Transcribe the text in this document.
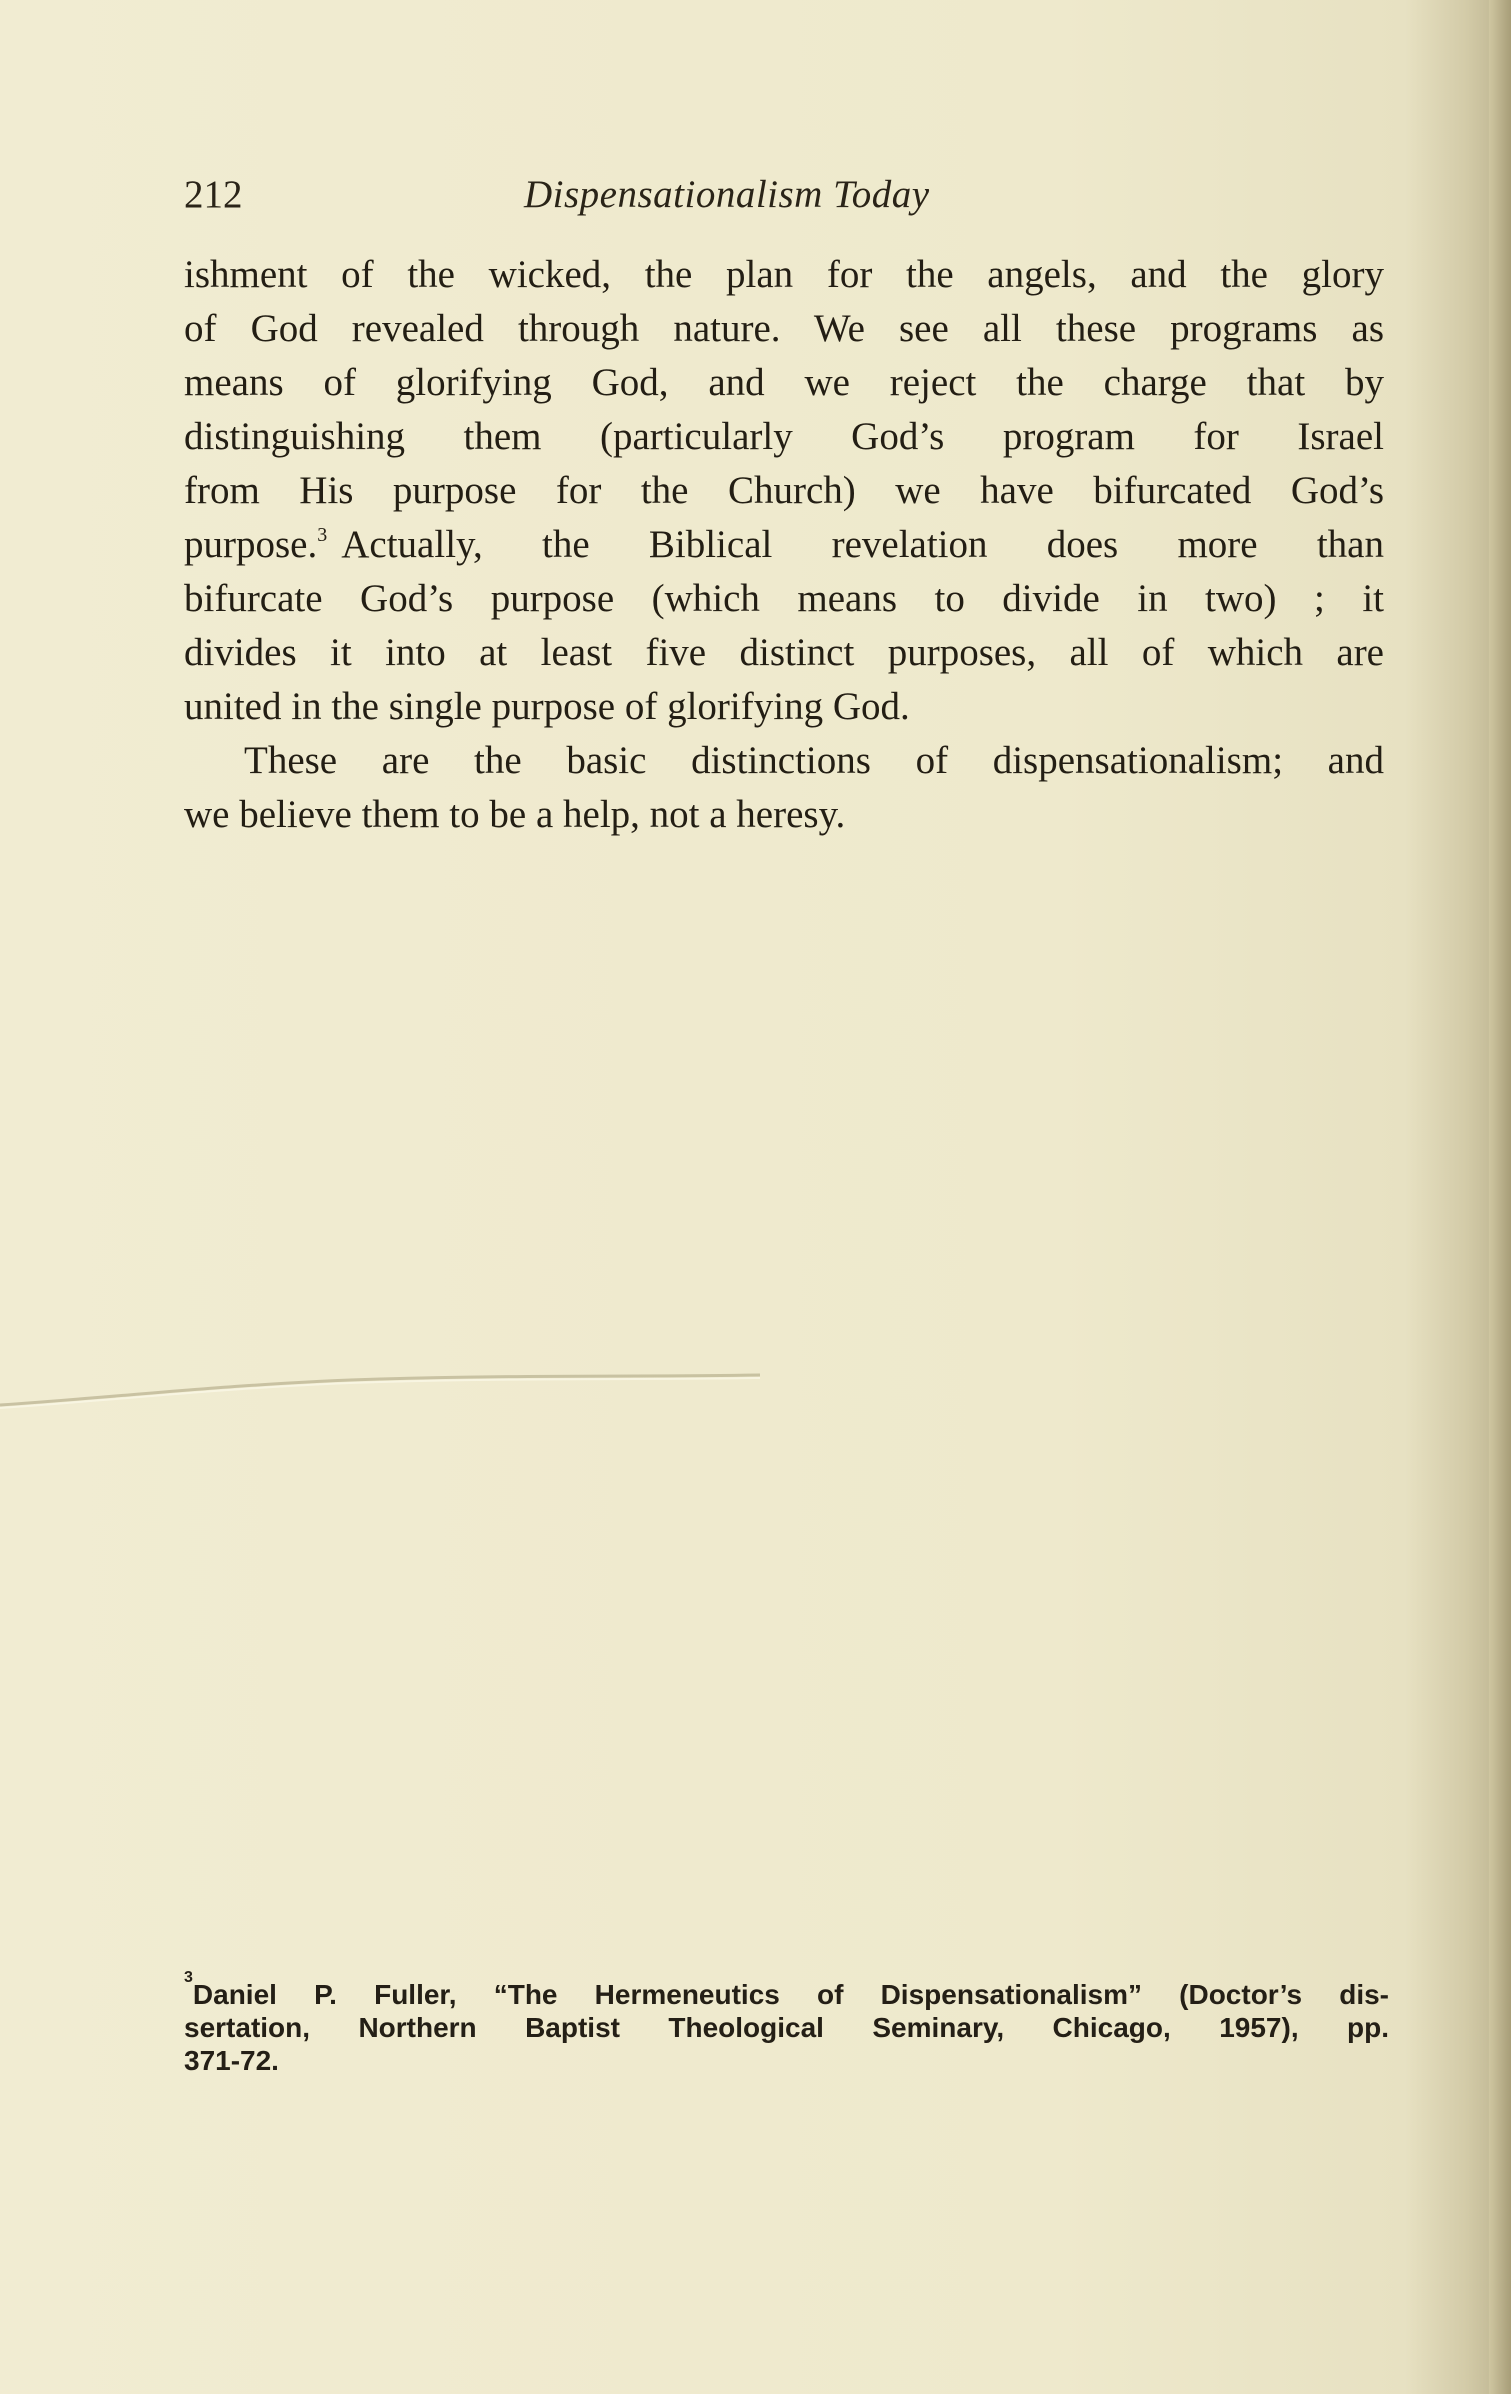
212	Dispensationalism Today
ishment of the wicked, the plan for the angels, and the glory
of God revealed through nature. We see all these programs as
means of glorifying God, and we reject the charge that by
distinguishing them (particularly God’s program for Israel
from His purpose for the Church) we have bifurcated God’s
purpose.$^3$ Actually, the Biblical revelation does more than
bifurcate God’s purpose (which means to divide in two) ; it
divides it into at least five distinct purposes, all of which are
united in the single purpose of glorifying God.
These are the basic distinctions of dispensationalism; and
we believe them to be a help, not a heresy.
3
Daniel P. Fuller, “The Hermeneutics of Dispensationalism” (Doctor’s dis-
sertation, Northern Baptist Theological Seminary, Chicago, 1957), pp.
371-72.
